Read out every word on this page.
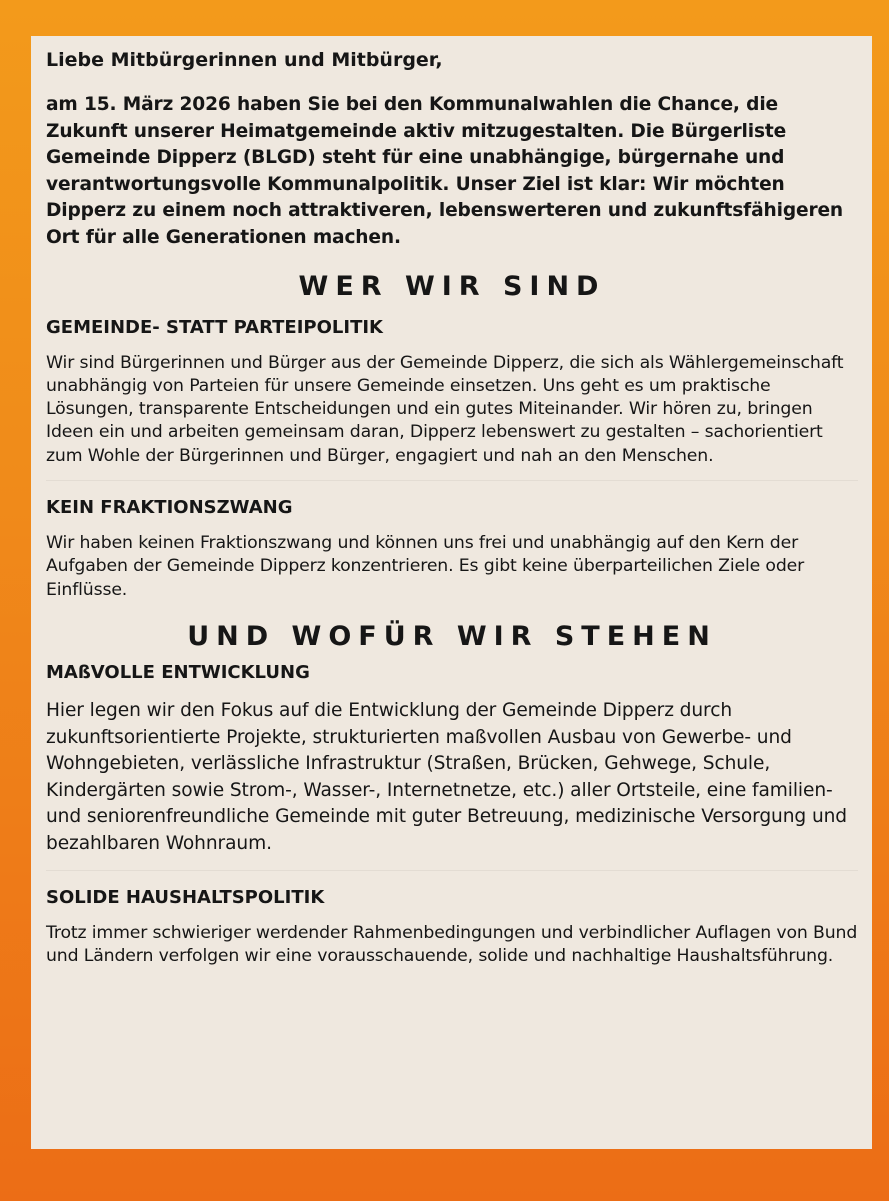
Liebe Mitbürgerinnen und Mitbürger,

am 15. März 2026 haben Sie bei den Kommunalwahlen die Chance, die Zukunft unserer Heimatgemeinde aktiv mitzugestalten. Die Bürgerliste Gemeinde Dipperz (BLGD) steht für eine unabhängige, bürgernahe und verantwortungsvolle Kommunalpolitik. Unser Ziel ist klar: Wir möchten Dipperz zu einem noch attraktiveren, lebenswerteren und zukunftsfähigeren Ort für alle Generationen machen.

WER WIR SIND
GEMEINDE- STATT PARTEIPOLITIK

Wir sind Bürgerinnen und Bürger aus der Gemeinde Dipperz, die sich als Wählergemeinschaft unabhängig von Parteien für unsere Gemeinde einsetzen. Uns geht es um praktische Lösungen, transparente Entscheidungen und ein gutes Miteinander. Wir hören zu, bringen Ideen ein und arbeiten gemeinsam daran, Dipperz lebenswert zu gestalten – sachorientiert zum Wohle der Bürgerinnen und Bürger, engagiert und nah an den Menschen.

KEIN FRAKTIONSZWANG

Wir haben keinen Fraktionszwang und können uns frei und unabhängig auf den Kern der Aufgaben der Gemeinde Dipperz konzentrieren. Es gibt keine überparteilichen Ziele oder Einflüsse.

UND WOFÜR WIR STEHEN
MAßVOLLE ENTWICKLUNG

Hier legen wir den Fokus auf die Entwicklung der Gemeinde Dipperz durch zukunftsorientierte Projekte, strukturierten maßvollen Ausbau von Gewerbe- und Wohngebieten, verlässliche Infrastruktur (Straßen, Brücken, Gehwege, Schule, Kindergärten sowie Strom-, Wasser-, Internetnetze, etc.) aller Ortsteile, eine familien- und seniorenfreundliche Gemeinde mit guter Betreuung, medizinische Versorgung und bezahlbaren Wohnraum.

SOLIDE HAUSHALTSPOLITIK

Trotz immer schwieriger werdender Rahmenbedingungen und verbindlicher Auflagen von Bund und Ländern verfolgen wir eine vorausschauende, solide und nachhaltige Haushaltsführung.
